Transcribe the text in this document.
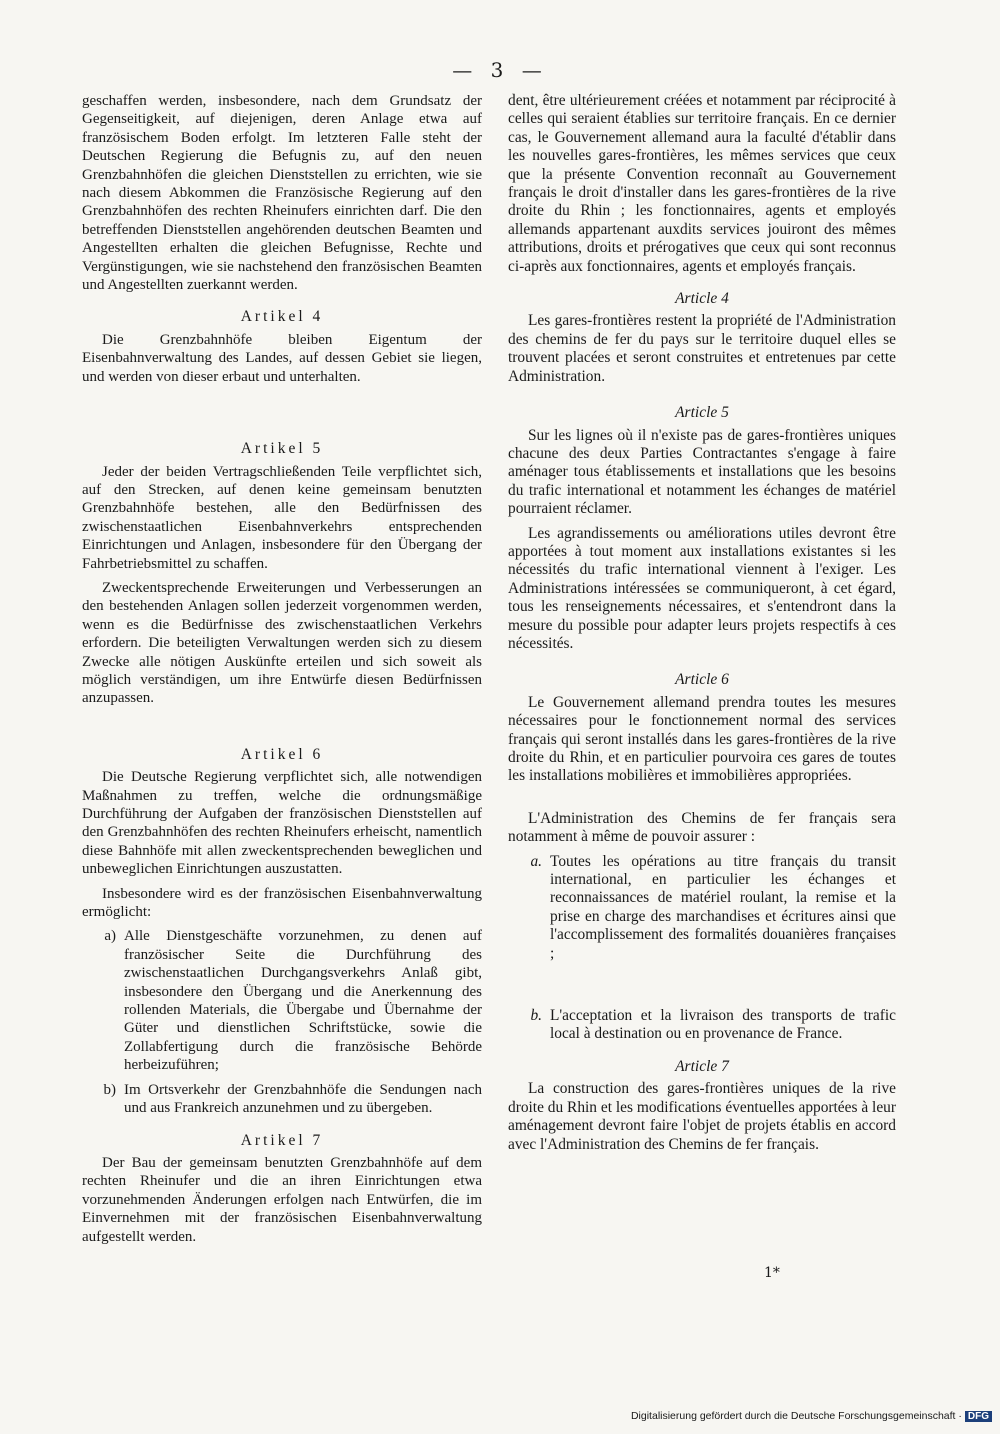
— 3 —

geschaffen werden, insbesondere, nach dem Grundsatz der Gegenseitigkeit, auf diejenigen, deren Anlage etwa auf französischem Boden erfolgt. Im letzteren Falle steht der Deutschen Regierung die Befugnis zu, auf den neuen Grenzbahnhöfen die gleichen Dienststellen zu errichten, wie sie nach diesem Abkommen die Französische Regierung auf den Grenzbahnhöfen des rechten Rheinufers einrichten darf. Die den betreffenden Dienststellen angehörenden deutschen Beamten und Angestellten erhalten die gleichen Befugnisse, Rechte und Vergünstigungen, wie sie nachstehend den französischen Beamten und Angestellten zuerkannt werden.

Artikel 4

Die Grenzbahnhöfe bleiben Eigentum der Eisenbahnverwaltung des Landes, auf dessen Gebiet sie liegen, und werden von dieser erbaut und unterhalten.

Artikel 5

Jeder der beiden Vertragschließenden Teile verpflichtet sich, auf den Strecken, auf denen keine gemeinsam benutzten Grenzbahnhöfe bestehen, alle den Bedürfnissen des zwischenstaatlichen Eisenbahnverkehrs entsprechenden Einrichtungen und Anlagen, insbesondere für den Übergang der Fahrbetriebsmittel zu schaffen.

Zweckentsprechende Erweiterungen und Verbesserungen an den bestehenden Anlagen sollen jederzeit vorgenommen werden, wenn es die Bedürfnisse des zwischenstaatlichen Verkehrs erfordern. Die beteiligten Verwaltungen werden sich zu diesem Zwecke alle nötigen Auskünfte erteilen und sich soweit als möglich verständigen, um ihre Entwürfe diesen Bedürfnissen anzupassen.

Artikel 6

Die Deutsche Regierung verpflichtet sich, alle notwendigen Maßnahmen zu treffen, welche die ordnungsmäßige Durchführung der Aufgaben der französischen Dienststellen auf den Grenzbahnhöfen des rechten Rheinufers erheischt, namentlich diese Bahnhöfe mit allen zweckentsprechenden beweglichen und unbeweglichen Einrichtungen auszustatten.

Insbesondere wird es der französischen Eisenbahnverwaltung ermöglicht:

a) Alle Dienstgeschäfte vorzunehmen, zu denen auf französischer Seite die Durchführung des zwischenstaatlichen Durchgangsverkehrs Anlaß gibt, insbesondere den Übergang und die Anerkennung des rollenden Materials, die Übergabe und Übernahme der Güter und dienstlichen Schriftstücke, sowie die Zollabfertigung durch die französische Behörde herbeizuführen;
b) Im Ortsverkehr der Grenzbahnhöfe die Sendungen nach und aus Frankreich anzunehmen und zu übergeben.
Artikel 7

Der Bau der gemeinsam benutzten Grenzbahnhöfe auf dem rechten Rheinufer und die an ihren Einrichtungen etwa vorzunehmenden Änderungen erfolgen nach Entwürfen, die im Einvernehmen mit der französischen Eisenbahnverwaltung aufgestellt werden.

dent, être ultérieurement créées et notamment par réciprocité à celles qui seraient établies sur territoire français. En ce dernier cas, le Gouvernement allemand aura la faculté d'établir dans les nouvelles gares-frontières, les mêmes services que ceux que la présente Convention reconnaît au Gouvernement français le droit d'installer dans les gares-frontières de la rive droite du Rhin ; les fonctionnaires, agents et employés allemands appartenant auxdits services jouiront des mêmes attributions, droits et prérogatives que ceux qui sont reconnus ci-après aux fonctionnaires, agents et employés français.

Article 4

Les gares-frontières restent la propriété de l'Administration des chemins de fer du pays sur le territoire duquel elles se trouvent placées et seront construites et entretenues par cette Administration.

Article 5

Sur les lignes où il n'existe pas de gares-frontières uniques chacune des deux Parties Contractantes s'engage à faire aménager tous établissements et installations que les besoins du trafic international et notamment les échanges de matériel pourraient réclamer.

Les agrandissements ou améliorations utiles devront être apportées à tout moment aux installations existantes si les nécessités du trafic international viennent à l'exiger. Les Administrations intéressées se communiqueront, à cet égard, tous les renseignements nécessaires, et s'entendront dans la mesure du possible pour adapter leurs projets respectifs à ces nécessités.

Article 6

Le Gouvernement allemand prendra toutes les mesures nécessaires pour le fonctionnement normal des services français qui seront installés dans les gares-frontières de la rive droite du Rhin, et en particulier pourvoira ces gares de toutes les installations mobilières et immobilières appropriées.

L'Administration des Chemins de fer français sera notamment à même de pouvoir assurer :

a. Toutes les opérations au titre français du transit international, en particulier les échanges et reconnaissances de matériel roulant, la remise et la prise en charge des marchandises et écritures ainsi que l'accomplissement des formalités douanières françaises ;
b. L'acceptation et la livraison des transports de trafic local à destination ou en provenance de France.
Article 7

La construction des gares-frontières uniques de la rive droite du Rhin et les modifications éventuelles apportées à leur aménagement devront faire l'objet de projets établis en accord avec l'Administration des Chemins de fer français.

1*
Digitalisierung gefördert durch die Deutsche Forschungsgemeinschaft · DFG
